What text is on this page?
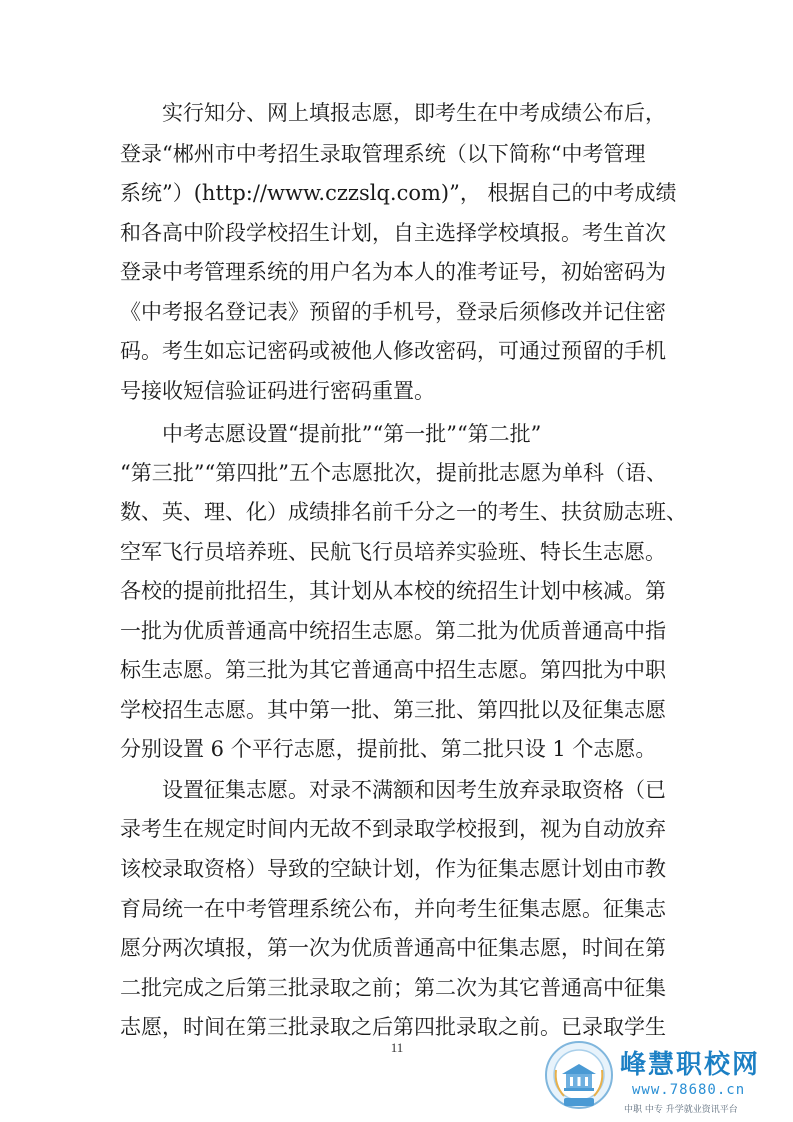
实行知分、网上填报志愿，即考生在中考成绩公布后，
登录“郴州市中考招生录取管理系统（以下简称“中考管理
系统”）(http://www.czzslq.com)”， 根据自己的中考成绩
和各高中阶段学校招生计划，自主选择学校填报。考生首次
登录中考管理系统的用户名为本人的准考证号，初始密码为
《中考报名登记表》预留的手机号，登录后须修改并记住密
码。考生如忘记密码或被他人修改密码，可通过预留的手机
号接收短信验证码进行密码重置。
中考志愿设置“提前批”“第一批”“第二批”
“第三批”“第四批”五个志愿批次，提前批志愿为单科（语、
数、英、理、化）成绩排名前千分之一的考生、扶贫励志班、
空军飞行员培养班、民航飞行员培养实验班、特长生志愿。
各校的提前批招生，其计划从本校的统招生计划中核减。第
一批为优质普通高中统招生志愿。第二批为优质普通高中指
标生志愿。第三批为其它普通高中招生志愿。第四批为中职
学校招生志愿。其中第一批、第三批、第四批以及征集志愿
分别设置 6 个平行志愿，提前批、第二批只设 1 个志愿。
设置征集志愿。对录不满额和因考生放弃录取资格（已
录考生在规定时间内无故不到录取学校报到，视为自动放弃
该校录取资格）导致的空缺计划，作为征集志愿计划由市教
育局统一在中考管理系统公布，并向考生征集志愿。征集志
愿分两次填报，第一次为优质普通高中征集志愿，时间在第
二批完成之后第三批录取之前；第二次为其它普通高中征集
志愿，时间在第三批录取之后第四批录取之前。已录取学生
11
峰慧职校网
www.78680.cn
中职 中专 升学就业资讯平台
